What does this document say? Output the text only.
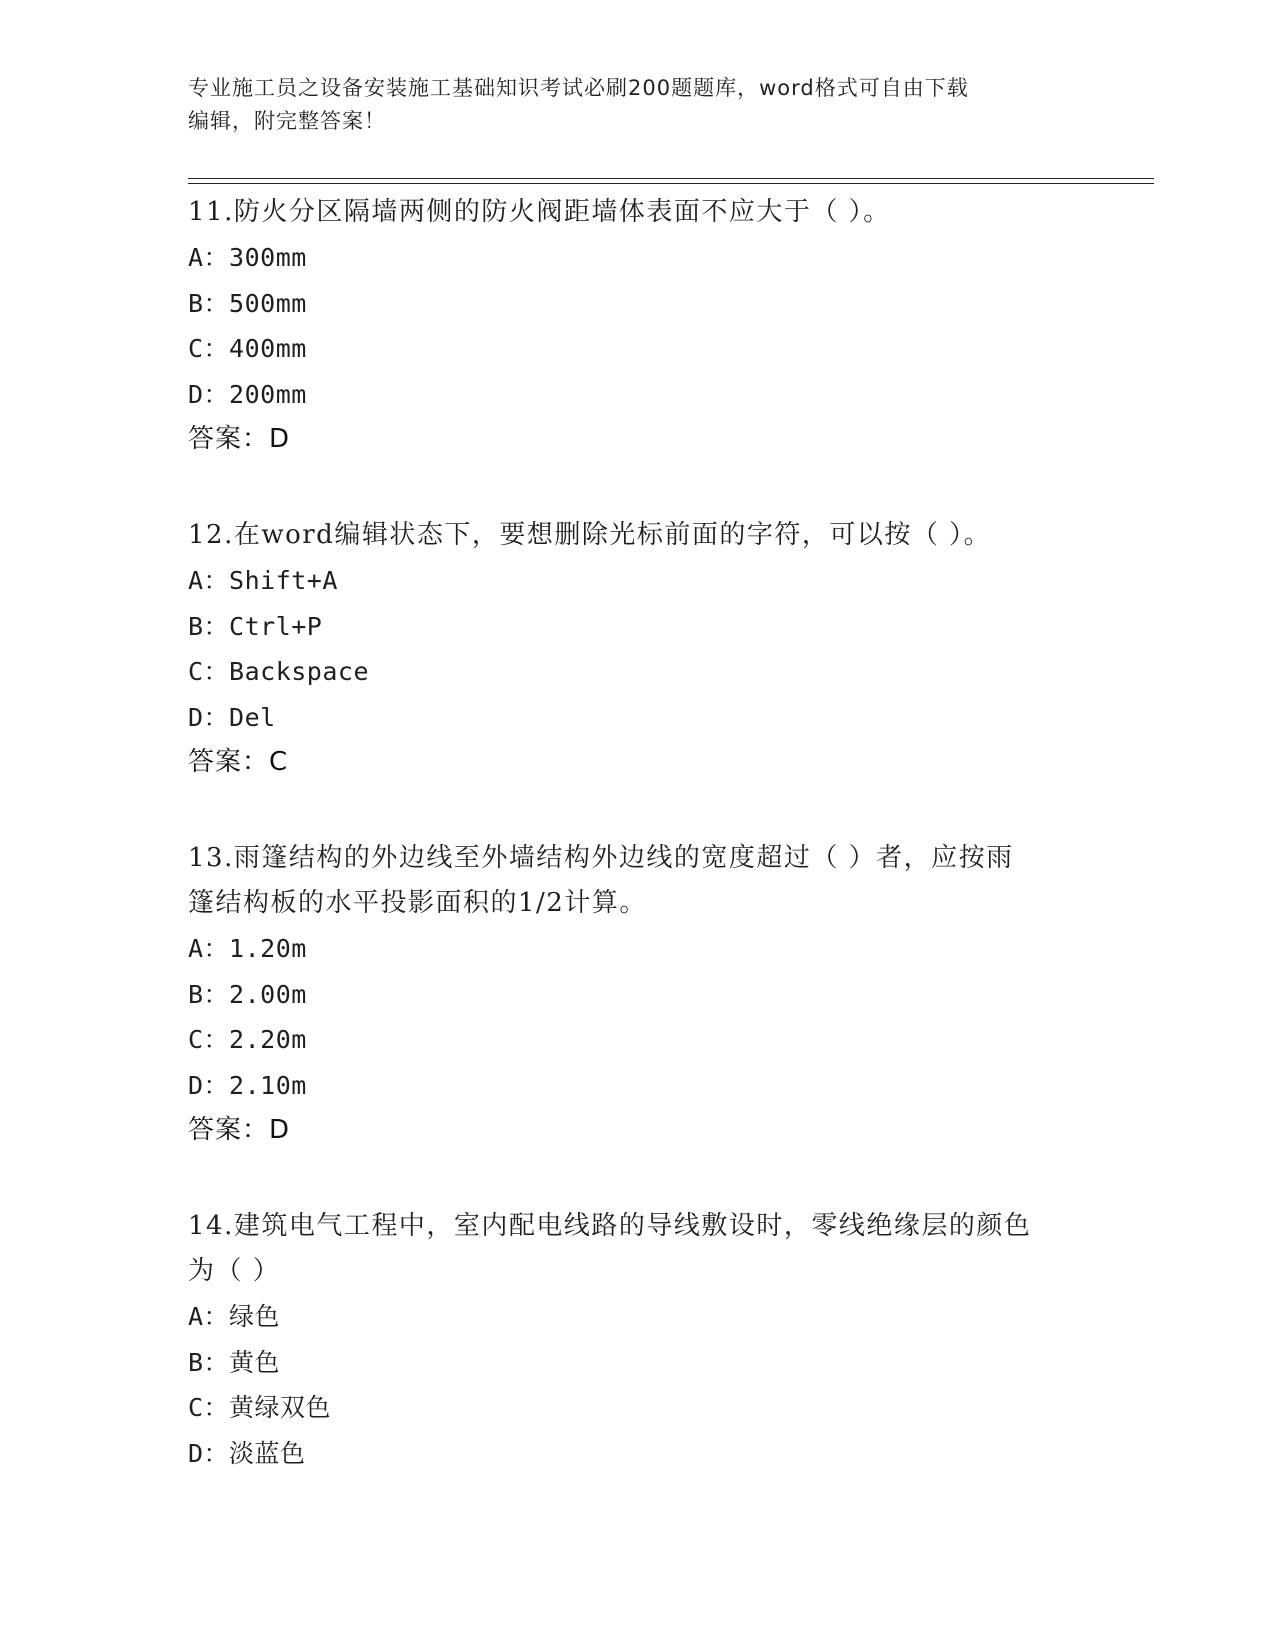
专业施工员之设备安装施工基础知识考试必刷200题题库，word格式可自由下载
编辑，附完整答案！
11.防火分区隔墙两侧的防火阀距墙体表面不应大于（ ）。
A：300mm
B：500mm
C：400mm
D：200mm
答案：D
12.在word编辑状态下，要想删除光标前面的字符，可以按（ ）。
A：Shift+A
B：Ctrl+P
C：Backspace
D：Del
答案：C
13.雨篷结构的外边线至外墙结构外边线的宽度超过（ ）者，应按雨
篷结构板的水平投影面积的1/2计算。
A：1.20m
B：2.00m
C：2.20m
D：2.10m
答案：D
14.建筑电气工程中，室内配电线路的导线敷设时，零线绝缘层的颜色
为（ ）
A：绿色
B：黄色
C：黄绿双色
D：淡蓝色
